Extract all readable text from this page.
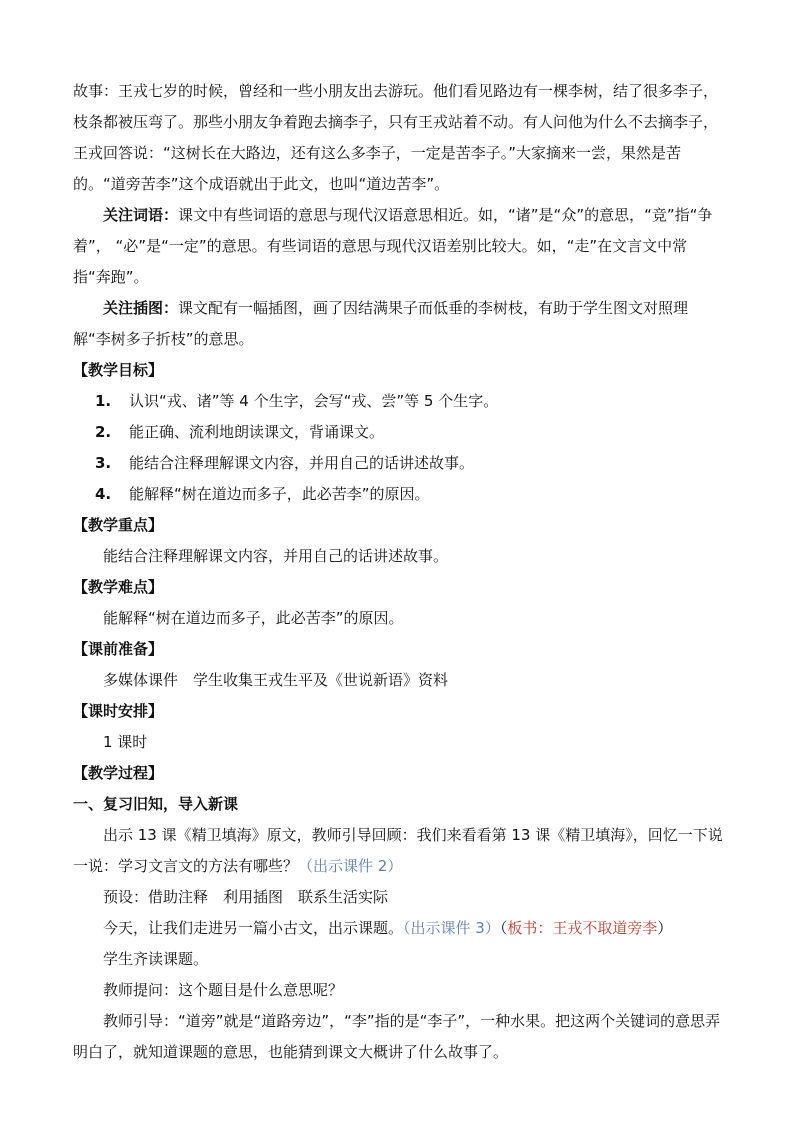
故事：王戎七岁的时候，曾经和一些小朋友出去游玩。他们看见路边有一棵李树，结了很多李子，枝条都被压弯了。那些小朋友争着跑去摘李子，只有王戎站着不动。有人问他为什么不去摘李子，王戎回答说：“这树长在大路边，还有这么多李子，一定是苦李子。”大家摘来一尝，果然是苦的。“道旁苦李”这个成语就出于此文，也叫“道边苦李”。

关注词语：课文中有些词语的意思与现代汉语意思相近。如，“诸”是“众”的意思，“竞”指“争着”， “必”是“一定”的意思。有些词语的意思与现代汉语差别比较大。如，“走”在文言文中常指“奔跑”。

关注插图：课文配有一幅插图，画了因结满果子而低垂的李树枝，有助于学生图文对照理解“李树多子折枝”的意思。

【教学目标】

1. 认识“戎、诸”等 4 个生字，会写“戎、尝”等 5 个生字。

2. 能正确、流利地朗读课文，背诵课文。

3. 能结合注释理解课文内容，并用自己的话讲述故事。

4. 能解释“树在道边而多子，此必苦李”的原因。

【教学重点】

能结合注释理解课文内容，并用自己的话讲述故事。

【教学难点】

能解释“树在道边而多子，此必苦李”的原因。

【课前准备】

多媒体课件　学生收集王戎生平及《世说新语》资料

【课时安排】

1 课时

【教学过程】

一、复习旧知，导入新课

出示 13 课《精卫填海》原文，教师引导回顾：我们来看看第 13 课《精卫填海》，回忆一下说一说：学习文言文的方法有哪些？（出示课件 2）

预设：借助注释　利用插图　联系生活实际

今天，让我们走进另一篇小古文，出示课题。（出示课件 3）（板书：王戎不取道旁李）

学生齐读课题。

教师提问：这个题目是什么意思呢？

教师引导：“道旁”就是“道路旁边”，“李”指的是“李子”，一种水果。把这两个关键词的意思弄明白了，就知道课题的意思，也能猜到课文大概讲了什么故事了。
